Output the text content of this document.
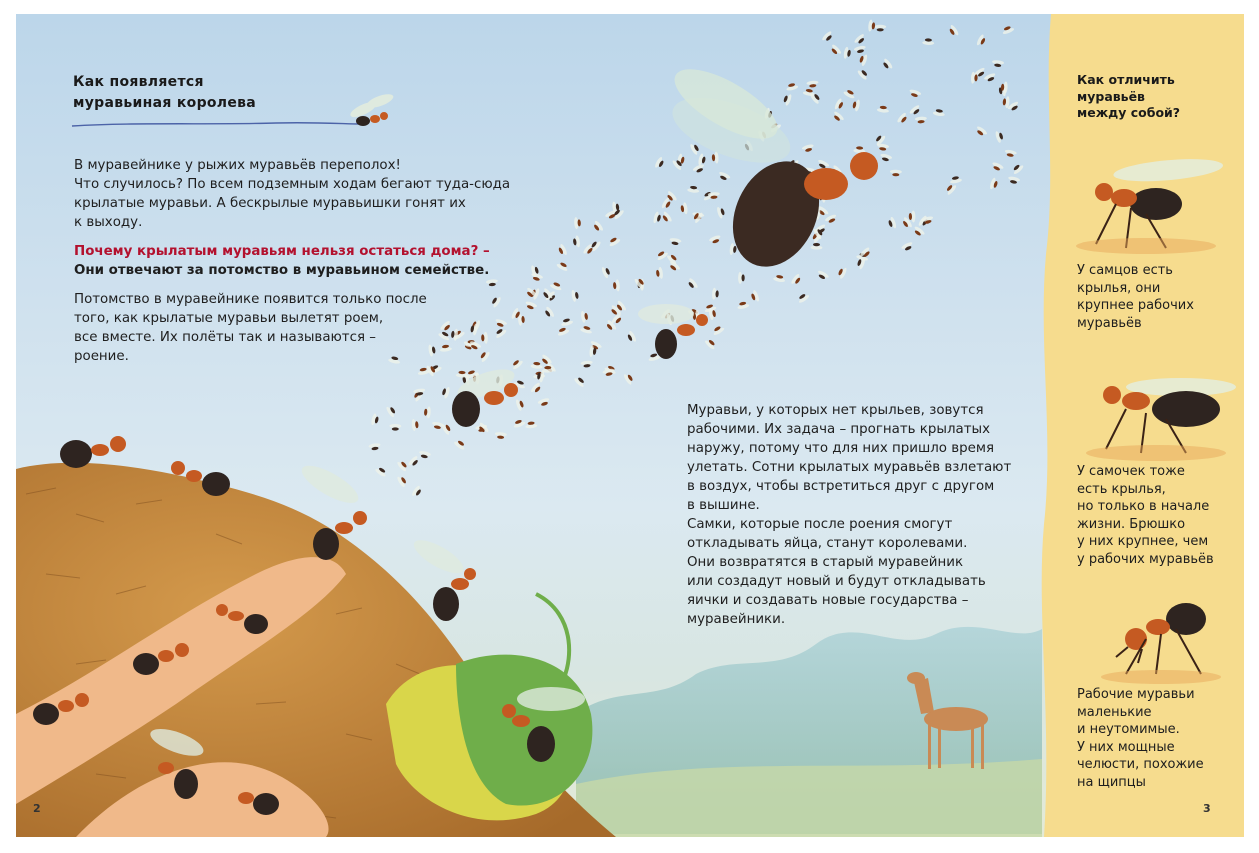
Как появляется
муравьиная королева

В муравейнике у рыжих муравьёв переполох!
Что случилось? По всем подземным ходам бегают туда-сюда
крылатые муравьи. А бескрылые муравьишки гонят их
к выходу.

Почему крылатым муравьям нельзя остаться дома? –

Они отвечают за потомство в муравьином семействе.

Потомство в муравейнике появится только после
того, как крылатые муравьи вылетят роем,
все вместе. Их полёты так и называются –
роение.

2

Муравьи, у которых нет крыльев, зовутся
рабочими. Их задача – прогнать крылатых
наружу, потому что для них пришло время
улетать. Сотни крылатых муравьёв взлетают
в воздух, чтобы встретиться друг с другом
в вышине.
Самки, которые после роения смогут
откладывать яйца, станут королевами.
Они возвратятся в старый муравейник
или создадут новый и будут откладывать
яички и создавать новые государства –
муравейники.

3

Как отличить
муравьёв
между собой?

У самцов есть
крылья, они
крупнее рабочих
муравьёв

У самочек тоже
есть крылья,
но только в начале
жизни. Брюшко
у них крупнее, чем
у рабочих муравьёв

Рабочие муравьи
маленькие
и неутомимые.
У них мощные
челюсти, похожие
на щипцы
